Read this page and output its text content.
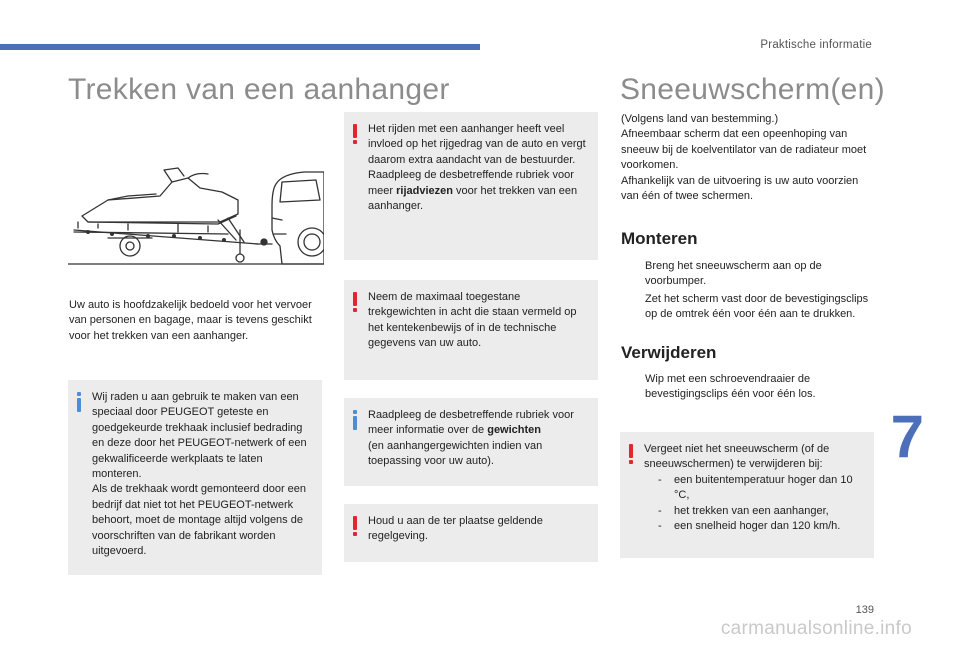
Praktische informatie
Trekken van een aanhanger
Uw auto is hoofdzakelijk bedoeld voor het vervoer van personen en bagage, maar is tevens geschikt voor het trekken van een aanhanger.
Wij raden u aan gebruik te maken van een speciaal door PEUGEOT geteste en goedgekeurde trekhaak inclusief bedrading en deze door het PEUGEOT-netwerk of een gekwalificeerde werkplaats te laten monteren.
Als de trekhaak wordt gemonteerd door een bedrijf dat niet tot het PEUGEOT-netwerk behoort, moet de montage altijd volgens de voorschriften van de fabrikant worden uitgevoerd.
Het rijden met een aanhanger heeft veel invloed op het rijgedrag van de auto en vergt daarom extra aandacht van de bestuurder.
Raadpleeg de desbetreffende rubriek voor meer rijadviezen voor het trekken van een aanhanger.
Neem de maximaal toegestane trekgewichten in acht die staan vermeld op het kentekenbewijs of in de technische gegevens van uw auto.
Raadpleeg de desbetreffende rubriek voor meer informatie over de gewichten
(en aanhangergewichten indien van toepassing voor uw auto).
Houd u aan de ter plaatse geldende regelgeving.
Sneeuwscherm(en)
(Volgens land van bestemming.)
Afneembaar scherm dat een opeenhoping van sneeuw bij de koelventilator van de radiateur moet voorkomen.
Afhankelijk van de uitvoering is uw auto voorzien van één of twee schermen.
Monteren
Breng het sneeuwscherm aan op de voorbumper.
Zet het scherm vast door de bevestigingsclips op de omtrek één voor één aan te drukken.
Verwijderen
Wip met een schroevendraaier de bevestigingsclips één voor één los.
Vergeet niet het sneeuwscherm (of de sneeuwschermen) te verwijderen bij:
- een buitentemperatuur hoger dan 10 °C,
- het trekken van een aanhanger,
- een snelheid hoger dan 120 km/h.
7
139
carmanualsonline.info
